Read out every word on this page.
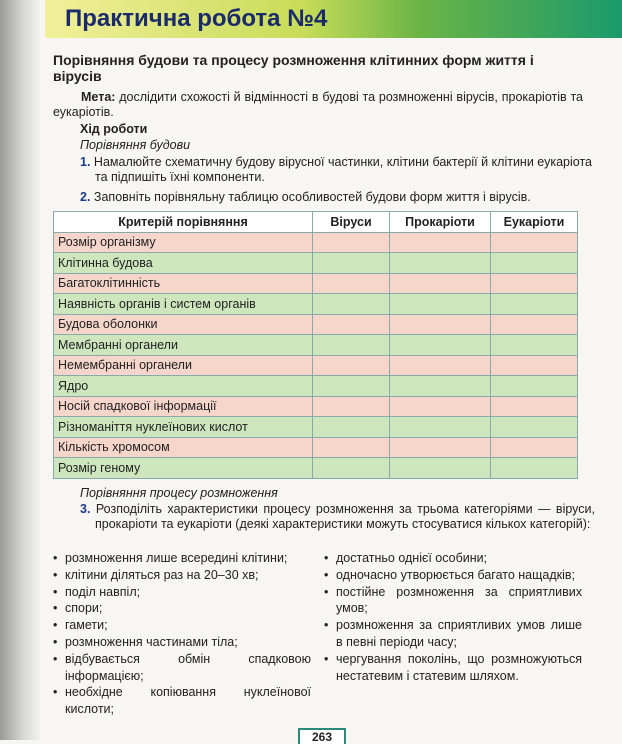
Практична робота №4
Порівняння будови та процесу розмноження клітинних форм життя і вірусів
Мета: дослідити схожості й відмінності в будові та розмноженні вірусів, прокаріотів та еукаріотів.
Хід роботи
Порівняння будови
1. Намалюйте схематичну будову вірусної частинки, клітини бактерії й клітини еукаріота та підпишіть їхні компоненти.
2. Заповніть порівняльну таблицю особливостей будови форм життя і вірусів.
Критерій порівняння	Віруси	Прокаріоти	Еукаріоти
Розмір організму			
Клітинна будова			
Багатоклітинність			
Наявність органів і систем органів			
Будова оболонки			
Мембранні органели			
Немембранні органели			
Ядро			
Носій спадкової інформації			
Різноманіття нуклеїнових кислот			
Кількість хромосом			
Розмір геному			
Порівняння процесу розмноження
3. Розподіліть характеристики процесу розмноження за трьома категоріями — віруси, прокаріоти та еукаріоти (деякі характеристики можуть стосуватися кількох категорій):
• розмноження лише всередині клітини;
• клітини діляться раз на 20–30 хв;
• поділ навпіл;
• спори;
• гамети;
• розмноження частинами тіла;
• відбувається обмін спадковою інформацією;
• необхідне копіювання нуклеїнової кислоти;
• достатньо однієї особини;
• одночасно утворюється багато нащадків;
• постійне розмноження за сприятливих умов;
• розмноження за сприятливих умов лише в певні періоди часу;
• чергування поколінь, що розмножуються нестатевим і статевим шляхом.
263
